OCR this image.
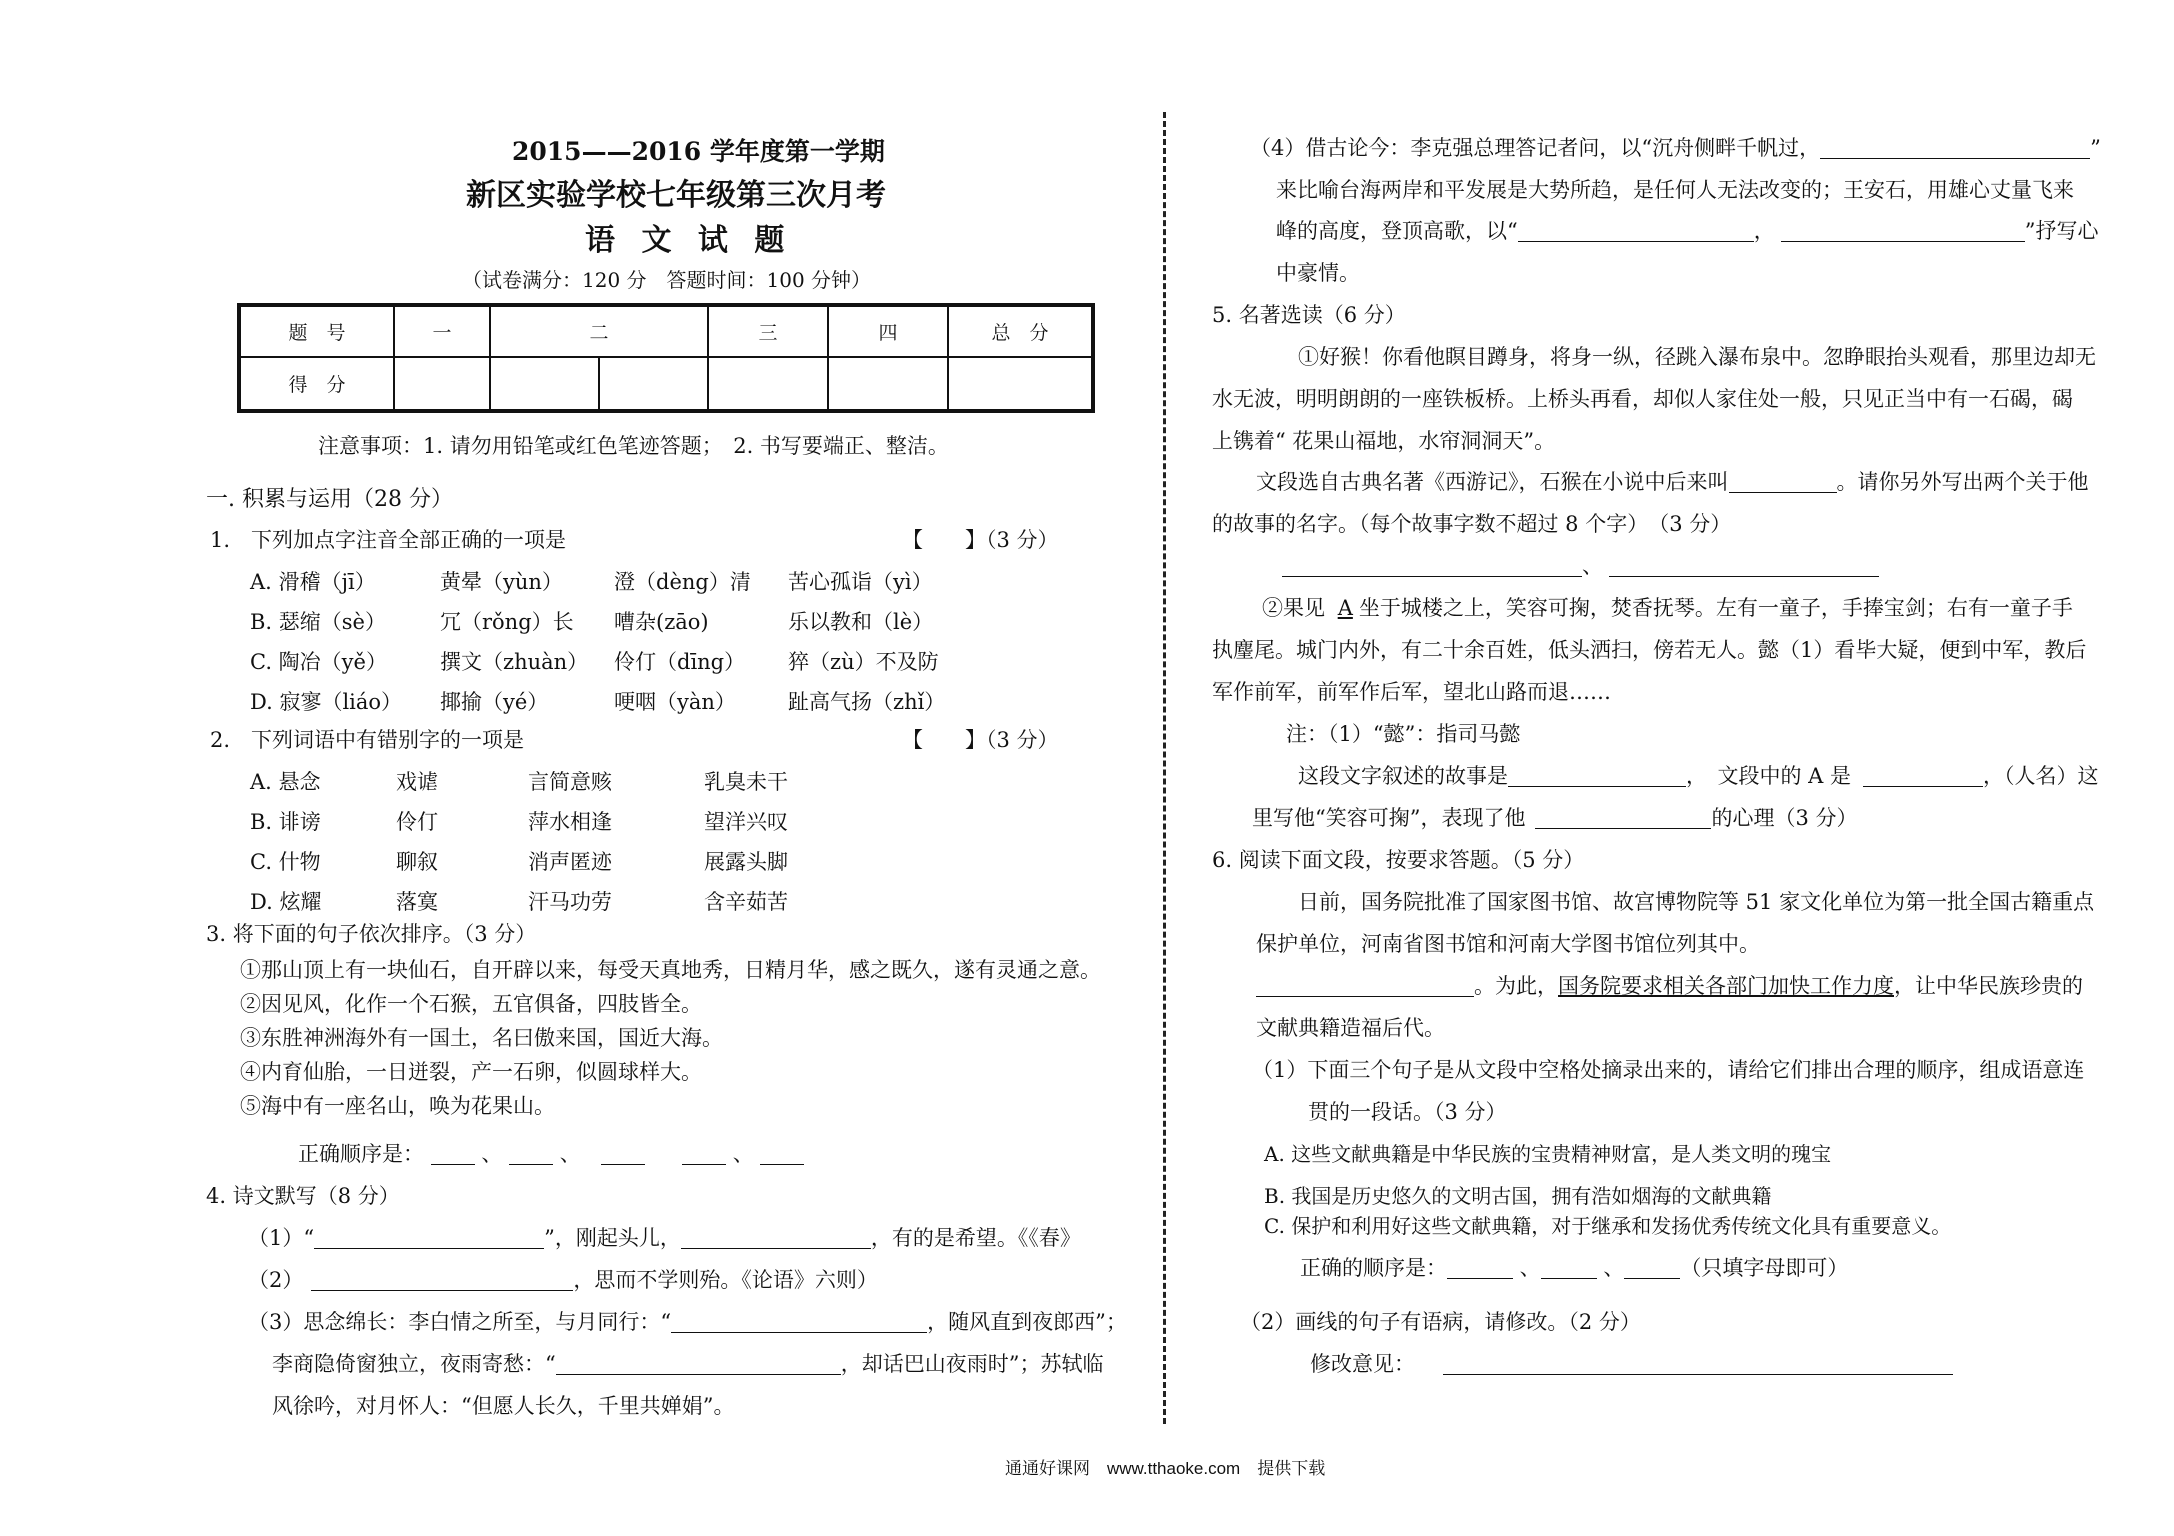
2015——2016 学年度第一学期
新区实验学校七年级第三次月考
语 文 试 题
（试卷满分：120 分　答题时间：100 分钟）
题　号	一	二		三	四	总　分
得　分						
注意事项：1. 请勿用铅笔或红色笔迹答题；　2. 书写要端正、整洁。
一. 积累与运用（28 分）
1.　下列加点字注音全部正确的一项是	【　　】（3 分）
A. 滑稽（jī）	黄晕（yùn） 澄（dèng）清 苦心孤诣（yì）
B. 瑟缩（sè）	冗（rǒng）长 嘈杂(zāo)	乐以教和（lè）
C. 陶冶（yě）	撰文（zhuàn） 伶仃（dīng） 猝（zù）不及防
D. 寂寥（liáo） 揶揄（yé）	哽咽（yàn） 趾高气扬（zhǐ）
2.　下列词语中有错别字的一项是	【　　】（3 分）
A. 悬念	戏谑	言简意赅	乳臭未干
B. 诽谤	伶仃	萍水相逢	望洋兴叹
C. 什物	聊叙	消声匿迹	展露头脚
D. 炫耀	落寞	汗马功劳	含辛茹苦
3. 将下面的句子依次排序。（3 分）
①那山顶上有一块仙石，自开辟以来，每受天真地秀，日精月华，感之既久，遂有灵通之意。
②因见风，化作一个石猴，五官俱备，四肢皆全。
③东胜神洲海外有一国土，名曰傲来国，国近大海。
④内育仙胎，一日迸裂，产一石卵，似圆球样大。
⑤海中有一座名山，唤为花果山。
正确顺序是：  、  、	、
4. 诗文默写（8 分）
（1）“	”，刚起头儿，	，有的是希望。《《春》
（2）	，思而不学则殆。《论语》六则）
（3）思念绵长：李白情之所至，与月同行：“	，随风直到夜郎西”；
李商隐倚窗独立，夜雨寄愁：“	，却话巴山夜雨时”；苏轼临
风徐吟，对月怀人：“但愿人长久，千里共婵娟”。
（4）借古论今：李克强总理答记者问，以“沉舟侧畔千帆过，	”
来比喻台海两岸和平发展是大势所趋，是任何人无法改变的；王安石，用雄心丈量飞来
峰的高度，登顶高歌，以“	，	”抒写心
中豪情。
5. 名著选读（6 分）
①好猴！你看他瞑目蹲身，将身一纵，径跳入瀑布泉中。忽睁眼抬头观看，那里边却无
水无波，明明朗朗的一座铁板桥。上桥头再看，却似人家住处一般，只见正当中有一石碣，碣
上镌着“ 花果山福地，水帘洞洞天”。
文段选自古典名著《西游记》，石猴在小说中后来叫	。请你另外写出两个关于他
的故事的名字。（每个故事字数不超过 8 个字）　（3 分）
、
②果见 A 坐于城楼之上，笑容可掬，焚香抚琴。左有一童子，手捧宝剑；右有一童子手
执麈尾。城门内外，有二十余百姓，低头洒扫，傍若无人。懿（1）看毕大疑，便到中军，教后
军作前军，前军作后军，望北山路而退……
注：（1）“懿”：指司马懿
这段文字叙述的故事是	，　文段中的 A 是	，（人名）这
里写他“笑容可掬”，表现了他	的心理（3 分）
6. 阅读下面文段，按要求答题。（5 分）
日前，国务院批准了国家图书馆、故宫博物院等 51 家文化单位为第一批全国古籍重点
保护单位，河南省图书馆和河南大学图书馆位列其中。
。为此，国务院要求相关各部门加快工作力度，让中华民族珍贵的
文献典籍造福后代。
（1）下面三个句子是从文段中空格处摘录出来的，请给它们排出合理的顺序，组成语意连
贯的一段话。（3 分）
A. 这些文献典籍是中华民族的宝贵精神财富，是人类文明的瑰宝
B. 我国是历史悠久的文明古国，拥有浩如烟海的文献典籍
C. 保护和利用好这些文献典籍，对于继承和发扬优秀传统文化具有重要意义。
正确的顺序是：	、	、	（只填字母即可）
（2）画线的句子有语病，请修改。（2 分）
修改意见：
通通好课网　www.tthaoke.com　提供下载
